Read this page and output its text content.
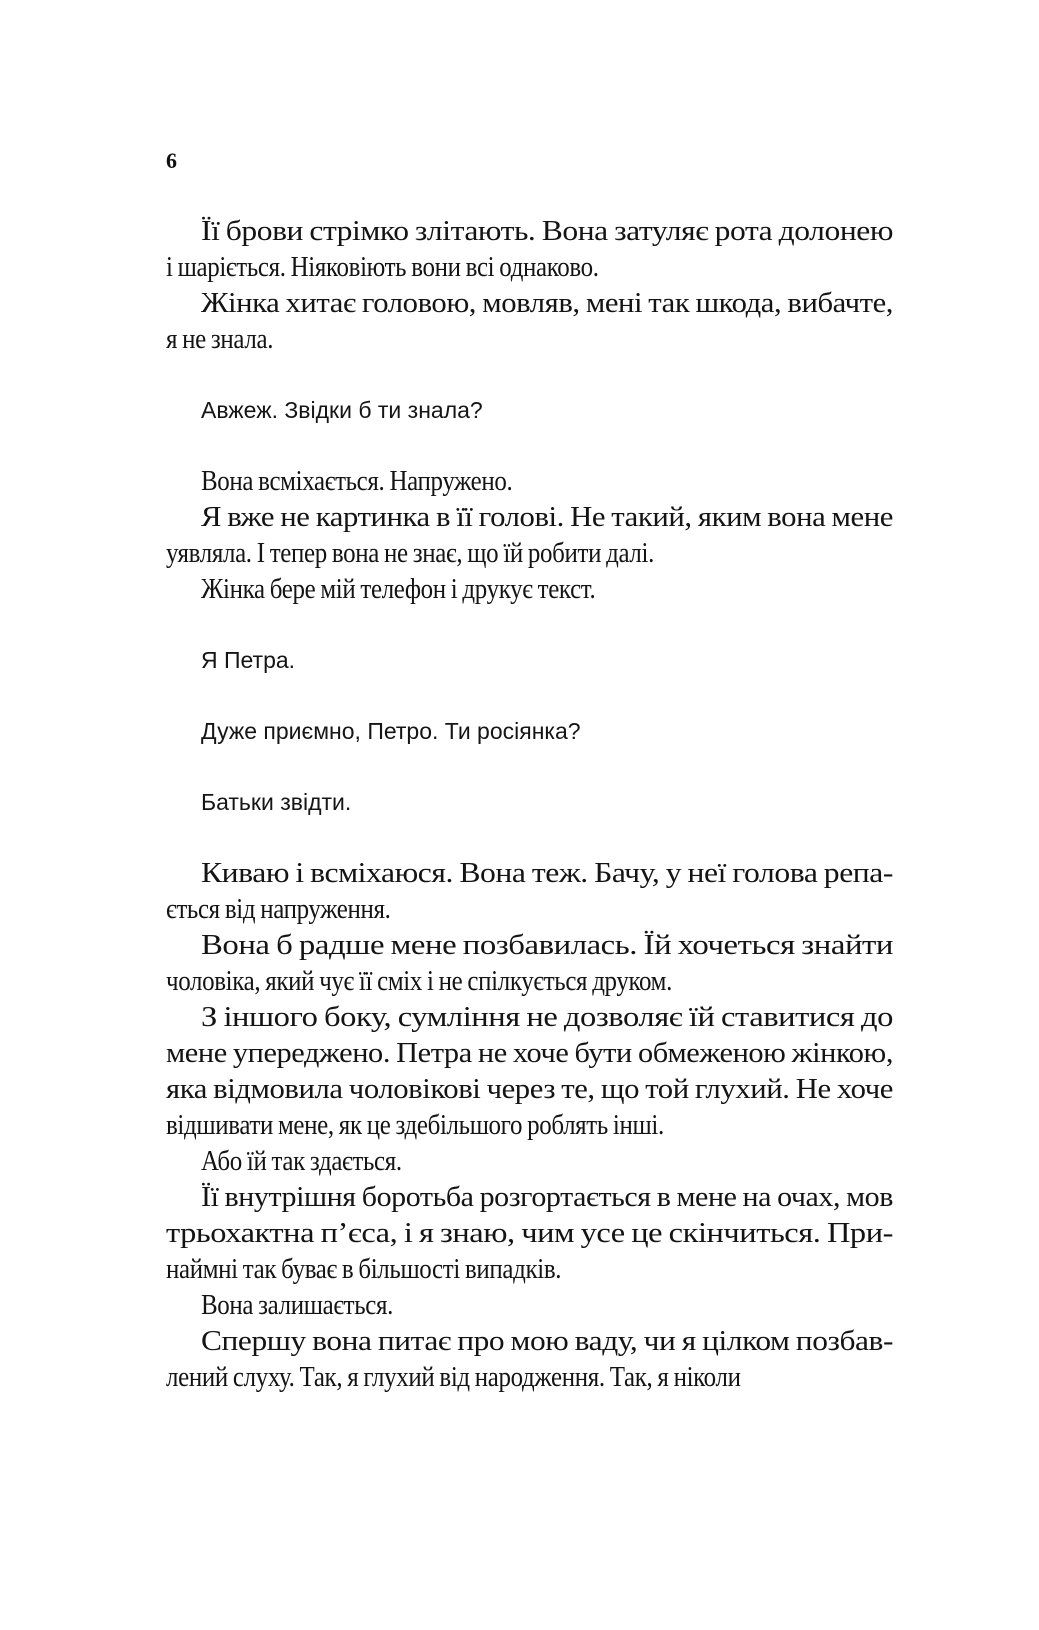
6

Її брови стрімко злітають. Вона затуляє рота долонею
і шаріється. Ніяковіють вони всі однаково.

Жінка хитає головою, мовляв, мені так шкода, вибачте,
я не знала.

Авжеж. Звідки б ти знала?

Вона всміхається. Напружено.

Я вже не картинка в її голові. Не такий, яким вона мене
уявляла. І тепер вона не знає, що їй робити далі.

Жінка бере мій телефон і друкує текст.

Я Петра.

Дуже приємно, Петро. Ти росіянка?

Батьки звідти.

Киваю і всміхаюся. Вона теж. Бачу, у неї голова репа-
ється від напруження.

Вона б радше мене позбавилась. Їй хочеться знайти
чоловіка, який чує її сміх і не спілкується друком.

З іншого боку, сумління не дозволяє їй ставитися до
мене упереджено. Петра не хоче бути обмеженою жінкою,
яка відмовила чоловікові через те, що той глухий. Не хоче
відшивати мене, як це здебільшого роблять інші.

Або їй так здається.

Її внутрішня боротьба розгортається в мене на очах, мов
трьохактна п’єса, і я знаю, чим усе це скінчиться. При-
наймні так буває в більшості випадків.

Вона залишається.

Спершу вона питає про мою ваду, чи я цілком позбав-
лений слуху. Так, я глухий від народження. Так, я ніколи
